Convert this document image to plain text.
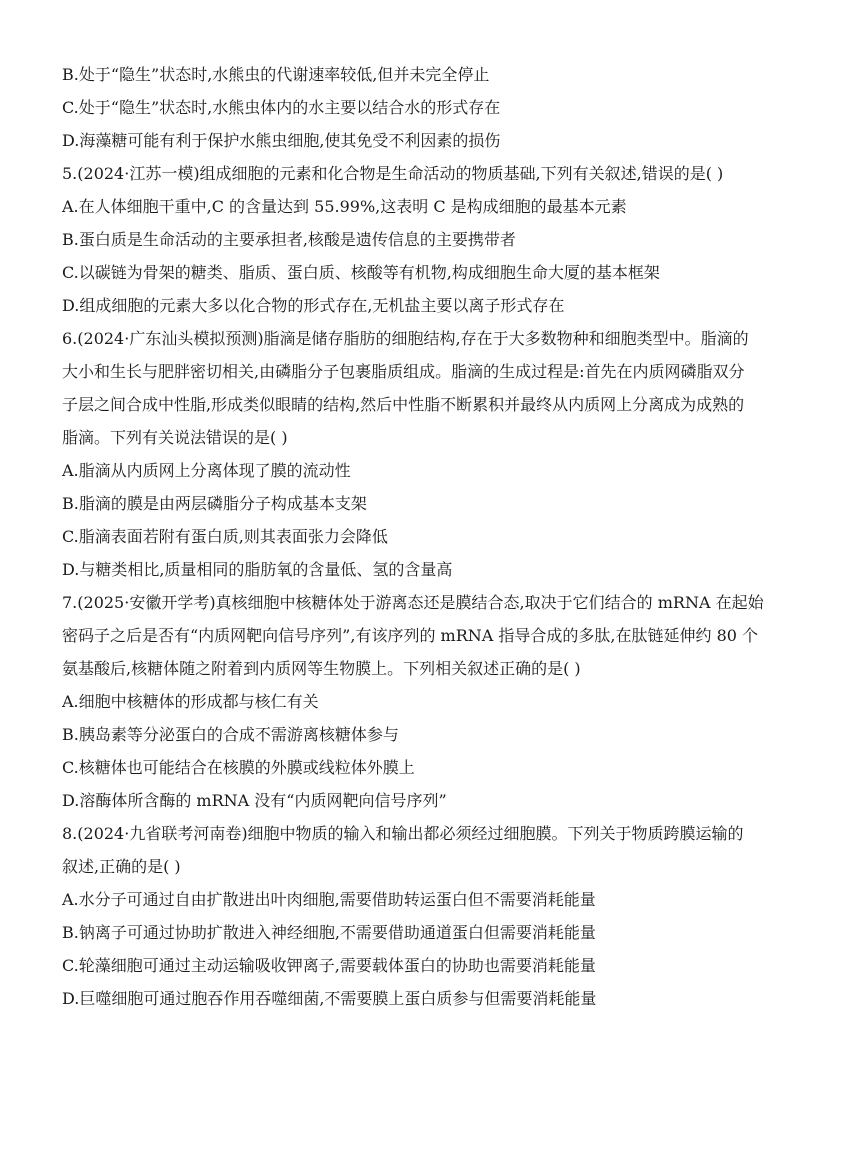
B.处于“隐生”状态时,水熊虫的代谢速率较低,但并未完全停止
C.处于“隐生”状态时,水熊虫体内的水主要以结合水的形式存在
D.海藻糖可能有利于保护水熊虫细胞,使其免受不利因素的损伤
5.(2024·江苏一模)组成细胞的元素和化合物是生命活动的物质基础,下列有关叙述,错误的是( )
A.在人体细胞干重中,C 的含量达到 55.99%,这表明 C 是构成细胞的最基本元素
B.蛋白质是生命活动的主要承担者,核酸是遗传信息的主要携带者
C.以碳链为骨架的糖类、脂质、蛋白质、核酸等有机物,构成细胞生命大厦的基本框架
D.组成细胞的元素大多以化合物的形式存在,无机盐主要以离子形式存在
6.(2024·广东汕头模拟预测)脂滴是储存脂肪的细胞结构,存在于大多数物种和细胞类型中。脂滴的
大小和生长与肥胖密切相关,由磷脂分子包裹脂质组成。脂滴的生成过程是:首先在内质网磷脂双分
子层之间合成中性脂,形成类似眼睛的结构,然后中性脂不断累积并最终从内质网上分离成为成熟的
脂滴。下列有关说法错误的是( )
A.脂滴从内质网上分离体现了膜的流动性
B.脂滴的膜是由两层磷脂分子构成基本支架
C.脂滴表面若附有蛋白质,则其表面张力会降低
D.与糖类相比,质量相同的脂肪氧的含量低、氢的含量高
7.(2025·安徽开学考)真核细胞中核糖体处于游离态还是膜结合态,取决于它们结合的 mRNA 在起始
密码子之后是否有“内质网靶向信号序列”,有该序列的 mRNA 指导合成的多肽,在肽链延伸约 80 个
氨基酸后,核糖体随之附着到内质网等生物膜上。下列相关叙述正确的是( )
A.细胞中核糖体的形成都与核仁有关
B.胰岛素等分泌蛋白的合成不需游离核糖体参与
C.核糖体也可能结合在核膜的外膜或线粒体外膜上
D.溶酶体所含酶的 mRNA 没有“内质网靶向信号序列”
8.(2024·九省联考河南卷)细胞中物质的输入和输出都必须经过细胞膜。下列关于物质跨膜运输的
叙述,正确的是( )
A.水分子可通过自由扩散进出叶肉细胞,需要借助转运蛋白但不需要消耗能量
B.钠离子可通过协助扩散进入神经细胞,不需要借助通道蛋白但需要消耗能量
C.轮藻细胞可通过主动运输吸收钾离子,需要载体蛋白的协助也需要消耗能量
D.巨噬细胞可通过胞吞作用吞噬细菌,不需要膜上蛋白质参与但需要消耗能量
